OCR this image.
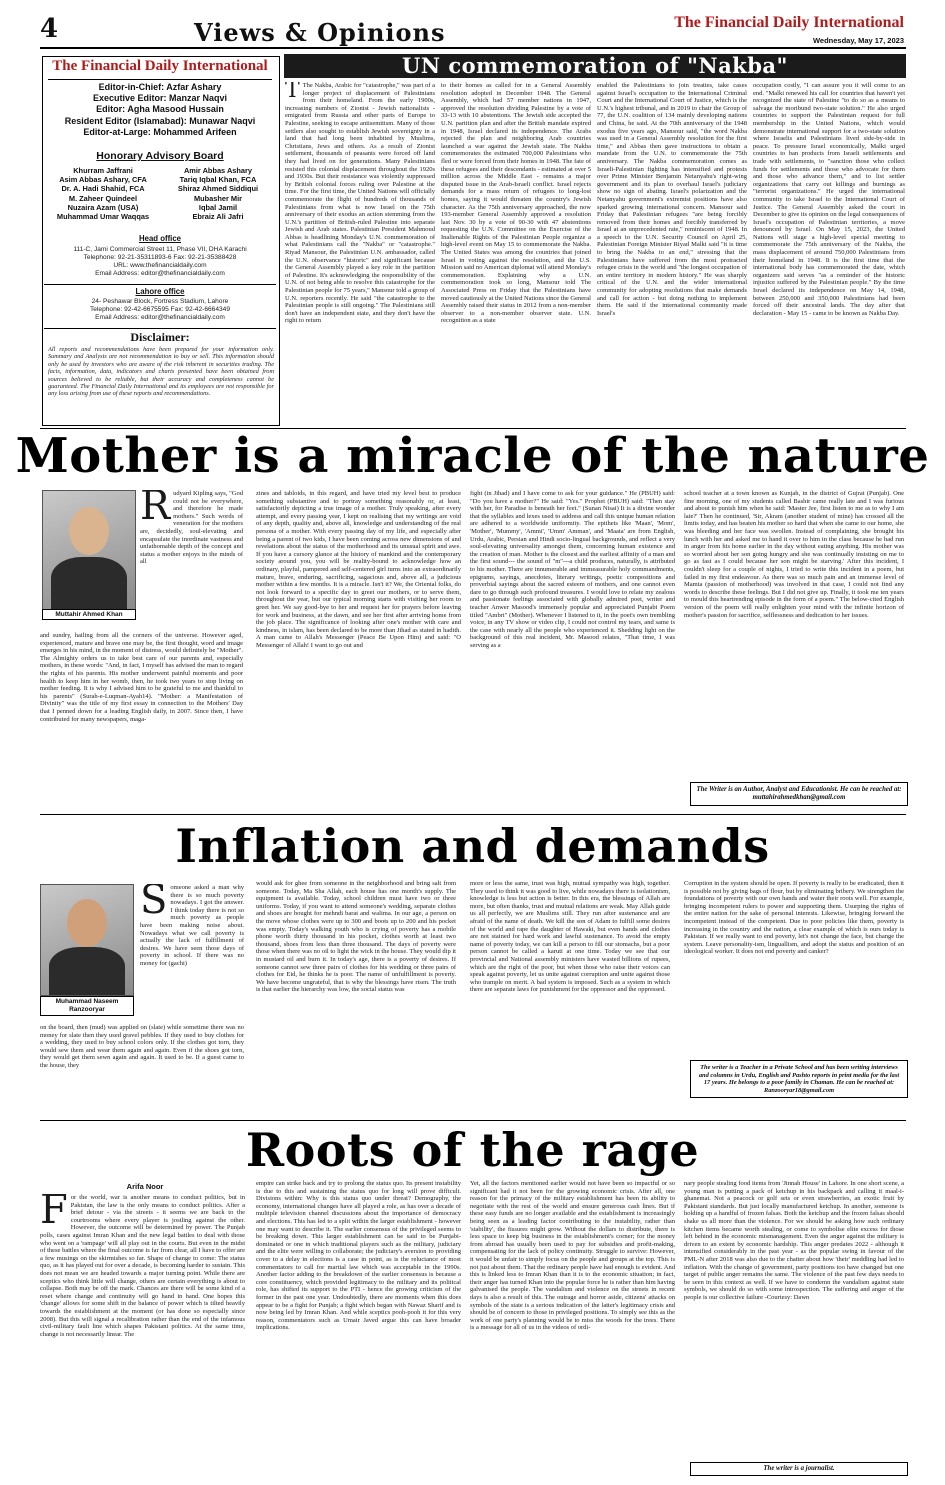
4	Views & Opinions	The Financial Daily International
Wednesday, May 17, 2023
The Financial Daily International
Editor-in-Chief: Azfar Ashary
Executive Editor: Manzar Naqvi
Editor: Agha Masood Hussain
Resident Editor (Islamabad): Munawar Naqvi
Editor-at-Large: Mohammed Arifeen
Honorary Advisory Board
Khurram Jaffrani
Asim Abbas Ashary, CFA
Dr. A. Hadi Shahid, FCA
M. Zaheer Quindeel
Nuzaira Azam (USA)
Muhammad Umar Waqqas
Amir Abbas Ashary
Tariq Iqbal Khan, FCA
Shiraz Ahmed Siddiqui
Mubasher Mir
Iqbal Jamil
Ebraiz Ali Jafri
Head office
111-C, Jami Commercial Street 11, Phase VII, DHA Karachi
Telephone: 92-21-35311893-6 Fax: 92-21-35388428
URL: www.thefinancialdaily.com
Email Address: editor@thefinancialdaily.com
Lahore office
24- Peshawar Block, Fortress Stadium, Lahore
Telephone: 92-42-6675595 Fax: 92-42-6664349
Email Address: editor@thefinancialdaily.com
Disclaimer:
All reports and recommendations have been prepared for your information only. Summary and Analysts are not recommendation to buy or sell. This information should only be used by investors who are aware of the risk inherent in securities trading. The facts, information, data, indicators and charts presented have been obtained from sources believed to be reliable, but their accuracy and completeness cannot be guaranteed. The Financial Daily International and its employees are not responsible for any loss arising from use of these reports and recommendations.
UN commemoration of "Nakba"
T The Nakba, Arabic for "catastrophe," was part of a longer project of displacement of Palestinians from their homeland. From the early 1900s, increasing numbers of Zionist - Jewish nationalists - emigrated from Russia and other parts of Europe to Palestine, seeking to escape antisemitism. Many of those settlers also sought to establish Jewish sovereignty in a land that had long been inhabited by Muslims, Christians, Jews and others. As a result of Zionist settlement, thousands of peasants were forced off land they had lived on for generations. Many Palestinians resisted this colonial displacement throughout the 1920s and 1930s. But their resistance was violently suppressed by British colonial forces ruling over Palestine at the time. For the first time, the United Nations will officially commemorate the flight of hundreds of thousands of Palestinians from what is now Israel on the 75th anniversary of their exodus an action stemming from the U.N.'s partition of British-ruled Palestine into separate Jewish and Arab states. Palestinian President Mahmoud Abbas is headlining Monday's U.N. commemoration of what Palestinians call the "Nakba" or "catastrophe." Riyad Mansour, the Palestinian U.N. ambassador, called the U.N. observance "historic" and significant because the General Assembly played a key role in the partition of Palestine. It's acknowledging the responsibility of the U.N. of not being able to resolve this catastrophe for the Palestinian people for 75 years," Mansour told a group of U.N. reporters recently. He said "the catastrophe to the Palestinian people is still ongoing." The Palestinians still don't have an independent state, and they don't have the right to return
to their homes as called for in a General Assembly resolution adopted in December 1948. The General Assembly, which had 57 member nations in 1947, approved the resolution dividing Palestine by a vote of 33-13 with 10 abstentions. The Jewish side accepted the U.N. partition plan and after the British mandate expired in 1948, Israel declared its independence. The Arabs rejected the plan and neighboring Arab countries launched a war against the Jewish state. The Nakba commemorates the estimated 700,000 Palestinians who fled or were forced from their homes in 1948. The fate of these refugees and their descendants - estimated at over 5 million across the Middle East - remains a major disputed issue in the Arab-Israeli conflict. Israel rejects demands for a mass return of refugees to long-lost homes, saying it would threaten the country's Jewish character. As the 75th anniversary approached, the now 193-member General Assembly approved a resolution last Nov. 30 by a vote of 90-30 with 47 abstentions requesting the U.N. Committee on the Exercise of the Inalienable Rights of the Palestinian People organize a high-level event on May 15 to commemorate the Nakba. The United States was among the countries that joined Israel in voting against the resolution, and the U.S. Mission said no American diplomat will attend Monday's commemoration. Explaining why a U.N. commemoration took so long, Mansour told The Associated Press on Friday that the Palestinians have moved cautiously at the United Nations since the General Assembly raised their status in 2012 from a non-member observer to a non-member observer state. U.N. recognition as a state
enabled the Palestinians to join treaties, take cases against Israel's occupation to the International Criminal Court and the International Court of Justice, which is the U.N.'s highest tribunal, and in 2019 to chair the Group of 77, the U.N. coalition of 134 mainly developing nations and China, he said. At the 70th anniversary of the 1948 exodus five years ago, Mansour said, "the word Nakba was used in a General Assembly resolution for the first time," and Abbas then gave instructions to obtain a mandate from the U.N. to commemorate the 75th anniversary. The Nakba commemoration comes as Israeli-Palestinian fighting has intensified and protests over Prime Minister Benjamin Netanyahu's right-wing government and its plan to overhaul Israel's judiciary show no sign of abating. Israel's polarization and the Netanyahu government's extremist positions have also sparked growing international concern. Mansour said Friday that Palestinian refugees "are being forcibly removed from their homes and forcibly transferred by Israel at an unprecedented rate," reminiscent of 1948. In a speech to the U.N. Security Council on April 25, Palestinian Foreign Minister Riyad Malki said "it is time to bring the Nakba to an end," stressing that the Palestinians have suffered from the most protracted refugee crisis in the world and "the longest occupation of an entire territory in modern history." He was sharply critical of the U.N. and the wider international community for adopting resolutions that make demands and call for action - but doing nothing to implement them. He said if the international community made Israel's
occupation costly, "I can assure you it will come to an end. "Malki renewed his call for countries that haven't yet recognized the state of Palestine "to do so as a means to salvage the moribund two-state solution." He also urged countries to support the Palestinian request for full membership in the United Nations, which would demonstrate international support for a two-state solution where Israelis and Palestinians lived side-by-side in peace. To pressure Israel economically, Malki urged countries to ban products from Israeli settlements and trade with settlements, to "sanction those who collect funds for settlements and those who advocate for them and those who advance them," and to list settler organizations that carry out killings and burnings as "terrorist organizations." He urged the international community to take Israel to the International Court of Justice. The General Assembly asked the court in December to give its opinion on the legal consequences of Israel's occupation of Palestinian territories, a move denounced by Israel. On May 15, 2023, the United Nations will stage a high-level special meeting to commemorate the 75th anniversary of the Nakba, the mass displacement of around 750,000 Palestinians from their homeland in 1948. It is the first time that the international body has commemorated the date, which organizers said serves "as a reminder of the historic injustice suffered by the Palestinian people." By the time Israel declared its independence on May 14, 1948, between 250,000 and 350,000 Palestinians had been forced off their ancestral lands. The day after that declaration - May 15 - came to be known as Nakba Day.
Mother is a miracle of the nature
Muttahir Ahmed Khan
Rudyard Kipling says, "God could not be everywhere, and therefore he made mothers." Such words of veneration for the mothers are, decidedly, soul-elevating and encapsulate the inordinate vastness and unfathomable depth of the concept and status a mother enjoys in the minds of all
and sundry, hailing from all the corners of the universe. However aged, experienced, mature and brave one may be, the first thought, word and image emerges in his mind, in the moment of distress, would definitely be "Mother". The Almighty orders us to take best care of our parents and, especially mothers, in these words: "And, in fact, I myself has advised the man to regard the rights of his parents. His mother underwent painful moments and poor health to keep him in her womb, then, he took two years to stop living on mother feeding. It is why I advised him to be grateful to me and thankful to his parents" (Surah-e-Luqman-Ayah14). "Mother: a Manifestation of Divinity" was the title of my first essay in connection to the Mothers' Day that I penned down for a leading English daily, in 2007. Since then, I have contributed for many newspapers, maga-
zines and tabloids, in this regard, and have tried my level best to produce something substantive and to portray something reasonably or, at least, satisfactorily depicting a true image of a mother. Truly speaking, after every attempt, and every passing year, I kept on realising that my writings are void of any depth, quality and, above all, knowledge and understanding of the real persona of a mother. With every passing day of my life, and especially after being a parent of two kids, I have been coming across new dimensions of and revelations about the status of the motherhood and its unusual spirit and awe. If you have a cursory glance at the history of mankind and the contemporary society around you, you will be reality-bound to acknowledge how an ordinary, playful, pampered and self-centered girl turns into an extraordinarily mature, brave, enduring, sacrificing, sagacious and, above all, a judicious mother within a few months. It is a miracle. Isn't it? We, the Oriental folks, do not look forward to a specific day to greet our mothers, or to serve them, throughout the year, but our typical morning starts with visiting her room to greet her. We say good-bye to her and request her for prayers before leaving for work and business, at the dawn, and see her first after arriving home from the job place. The significance of looking after one's mother with care and kindness, in islam, has been declared to be more than Jihad as stated in hadith. A man came to Allah's Messenger (Peace Be Upon Him) and said: "O Messenger of Allah! I want to go out and
fight (in Jihad) and I have come to ask for your guidance." He (PBUH) said: "Do you have a mother?" He said: "Yes." Prophet (PBUH) said: "Then stay with her, for Paradise is beneath her feet." (Sunan Nisai) It is a divine wonder that the syllables and lexes used to address and call this unique human relation are adhered to a worldwide uniformity. The epithets like 'Maan', 'Mom', 'Mother', 'Mummy', 'Ammi', 'Umm' Amman', and 'Maata' are from English, Urdu, Arabic, Persian and Hindi socio-lingual backgrounds, and reflect a very soul-elevating universality amongst them, concerning human existence and the creation of man. Mother is the closest and the earliest affinity of a man and the first sound--- the sound of "m"---a child produces, naturally, is attributed to his mother. There are innumerable and immeasurable holy commandments, epigrams, sayings, anecdotes, literary writings, poetic compositions and proverbial sayings about the sacred esteem of mothers, and one cannot even dare to go through such profound treasures. I would love to relate my zealous and passionate feelings associated with globally admired poet, writer and teacher Anwer Masood's immensely popular and appreciated Punjabi Poem titled "Ambri" (Mother). Whenever I listened to it, in the poet's own trembling voice, in any TV show or video clip, I could not control my tears, and same is the case with nearly all the people who experienced it. Shedding light on the background of this real incident, Mr. Masood relates, "That time, I was serving as a
school teacher at a town known as Kunjah, in the district of Gujrat (Punjab). One fine morning, one of my students called Bashir came really late and I was furious and about to punish him when he said: 'Master Jee, first listen to me as to why I am late?' Then he continued, 'Sir, Akram (another student of mine) has crossed all the limits today, and has beaten his mother so hard that when she came to our home, she was bleeding and her face was swollen. Instead of complaining, she brought his lunch with her and asked me to hand it over to him in the class because he had run in anger from his home earlier in the day without eating anything. His mother was so worried about her son going hungry and she was continually insisting on me to go as fast as I could because her son might be starving.' After this incident, I couldn't sleep for a couple of nights, I tried to write this incident in a poem, but failed in my first endeavour. As there was so much pain and an immense level of Mamta (passion of motherhood) was involved in that case, I could not find any words to describe these feelings. But I did not give up. Finally, it took me ten years to mould this heartrending episode in the form of a poem." The below-cited English version of the poem will really enlighten your mind with the infinite horizon of mother's passion for sacrifice, selflessness and dedication to her issues.
The Writer is an Author, Analyst and Educationist. He can be reached at: muttahirahmedkhan@gmail.com
Inflation and demands
Muhammad Naseem
Ranzooryar
Someone asked a man why there is so much poverty nowadays. I got the answer. I think today there is not so much poverty as people have been making noise about. Nowadays what we call poverty is actually the lack of fulfillment of desires. We have seen those days of poverty in school. If there was no money for (gachi)
on the board, then (mud) was applied on (slate) while sometime there was no money for slate then they used gravel pebbles. If they used to buy clothes for a wedding, they used to buy school colors only. If the clothes got torn, they would sew them and wear them again and again. Even if the shoes got torn, they would get them sewn again and again. It used to be. If a guest came to the house, they
would ask for ghee from someone in the neighborhood and bring salt from someone. Today, Ma Sha Allah, each house has one month's supply. The equipment is available. Today, school children must have two or three uniforms. Today, if you want to attend someone's wedding, separate clothes and shoes are bought for mehndi barat and walima. In our age, a person on the move whose clothes were up to 300 and boots up to 200 and his pocket was empty. Today's walking youth who is crying of poverty has a mobile phone worth thirty thousand in his pocket, clothes worth at least two thousand, shoes from less than three thousand. The days of poverty were those when there was no oil to light the wick in the house. They would dip it in mustard oil and burn it. In today's age, there is a poverty of desires. If someone cannot sew three pairs of clothes for his wedding or three pairs of clothes for Eid, he thinks he is poor. The name of unfulfillment is poverty. We have become ungrateful, that is why the blessings have risen. The truth is that earlier the hierarchy was low, the social status was
more or less the same, trust was high, mutual sympathy was high, together. They used to think it was good to live, while nowadays there is isolationism, knowledge is less but action is better. In this era, the blessings of Allah are more, but often thanks, trust and mutual relations are weak. May Allah guide us all perfectly, we are Muslims still. They run after sustenance and are afraid of the name of death. We kill the son of Adam to fulfill some desires of the world and rape the daughter of Hawaki, but even hands and clothes are not stained for hard work and lawful sustenance. To avoid the empty name of poverty today, we can kill a person to fill our stomachs, but a poor person cannot be called a karuti at one time. Today we see that our provincial and National assembly ministers have wasted billions of rupees, which are the right of the poor, but when those who raise their voices can speak against poverty, let us unite against corruption and unite against those who trample on merit. A bad system is imposed. Such as a system in which there are separate laws for punishment for the oppressor and the oppressed.
Corruption in the system should be open. If poverty is really to be eradicated, then it is possible not by giving bags of flour, but by eliminating bribery. We strengthen the foundations of poverty with our own hands and water their roots well. For example, bringing incompetent rulers to power and supporting them. Usurping the rights of the entire nation for the sake of personal interests. Likewise, bringing forward the incompetent instead of the competent. Due to poor policies like them, poverty is increasing in the country and the nation, a clear example of which is ours today is Pakistan. If we really want to end poverty, let's not change the face, but change the system. Leave personality-ism, linguallism, and adopt the status and position of an ideological worker. It does not end poverty and canker?
The writer is a Teacher in a Private School and has been writing interviews and columns in Urdu, English and Pashto reports in print media for the last 17 years. He belongs to a poor family in Chaman. He can be reached at: Ranzooryar18@gmail.com
Roots of the rage
Arifa Noor
For the world, war is another means to conduct politics, but in Pakistan, the law is the only means to conduct politics. After a brief detour - via the streets - it seems we are back to the courtrooms where every player is jostling against the other. However, the outcome will be determined by power. The Punjab polls, cases against Imran Khan and the new legal battles to deal with those who went on a 'rampage' will all play out in the courts. But even in the midst of these battles where the final outcome is far from clear, all I have to offer are a few musings on the skirmishes so far. Shape of change to come: The status quo, as it has played out for over a decade, is becoming harder to sustain. This does not mean we are headed towards a major turning point. While there are sceptics who think little will change, others are certain everything is about to collapse. Both may be off the mark. Chances are there will be some kind of a reset where change and continuity will go hand in hand. One hopes this 'change' allows for some shift in the balance of power which is tilted heavily towards the establishment at the moment (or has done so especially since 2008). But this will signal a recalibration rather than the end of the infamous civil-military fault line which shapes Pakistani politics. At the same time, change is not necessarily linear. The
empire can strike back and try to prolong the status quo. Its present instability is due to this and sustaining the status quo for long will prove difficult. Divisions within: Why is this status quo under threat? Demography, the economy, international changes have all played a role, as has over a decade of multiple television channel discussions about the importance of democracy and elections. This has led to a split within the larger establishment - however one may want to describe it. The earlier consensus of the privileged seems to be breaking down. This larger establishment can be said to be Punjabi-dominated or one in which traditional players such as the military, judiciary and the elite were willing to collaborate; the judiciary's aversion to providing cover to a delay in elections is a case in point, as is the reluctance of most commentators to call for martial law which was acceptable in the 1990s. Another factor adding to the breakdown of the earlier consensus is because a core constituency, which provided legitimacy to the military and its political role, has shifted its support to the PTI - hence the growing criticism of the former in the past one year. Undoubtedly, there are moments when this does appear to be a fight for Punjab; a fight which began with Nawaz Sharif and is now being led by Imran Khan. And while sceptics pooh-pooh it for this very reason, commentators such as Umair Javed argue this can have broader implications.
Yet, all the factors mentioned earlier would not have been so impactful or so significant had it not been for the growing economic crisis. After all, one reason for the primacy of the military establishment has been its ability to negotiate with the rest of the world and ensure generous cash lines. But if these easy funds are no longer available and the establishment is increasingly being seen as a leading factor contributing to the instability, rather than 'stability', the fissures might grow. Without the dollars to distribute, there is less space to keep big business in the establishment's corner; for the money from abroad has usually been used to pay for subsidies and profit-making, compensating for the lack of policy continuity. Struggle to survive: However, it would be unfair to simply focus on the people and groups at the top. This is not just about them. That the ordinary people have had enough is evident. And this is linked less to Imran Khan than it is to the economic situation; in fact, their anger has turned Khan into the popular force he is rather than him having galvanised the people. The vandalism and violence on the streets in recent days is also a result of this. The outrage and horror aside, citizens' attacks on symbols of the state is a serious indication of the latter's legitimacy crisis and should be of concern to those in privileged positions. To simply see this as the work of one party's planning would be to miss the woods for the trees. There is a message for all of us in the videos of ordi-
nary people stealing food items from 'Jinnah House' in Lahore. In one short scene, a young man is putting a pack of ketchup in his backpack and calling it maal-i-ghanemat. Not a peacock or golf sets or even strawberries, an exotic fruit by Pakistani standards. But just locally manufactured ketchup. In another, someone is holding up a handful of frozen falsas. Both the ketchup and the frozen falsas should shake us all more than the violence. For we should be asking how such ordinary kitchen items became worth stealing, or come to symbolise elite excess for those left behind in the economic mismanagement. Even the anger against the military is driven to an extent by economic hardship. This anger predates 2022 - although it intensified considerably in the past year - as the popular swing in favour of the PML-N after 2018 was also due to the chatter about how 'their' meddling had led to inflation. With the change of government, party positions too have changed but one target of public anger remains the same. The violence of the past few days needs to be seen in this context as well. If we have to condemn the vandalism against state symbols, we should do so with some introspection. The suffering and anger of the people is our collective failure -Courtesy: Dawn
The writer is a journalist.
